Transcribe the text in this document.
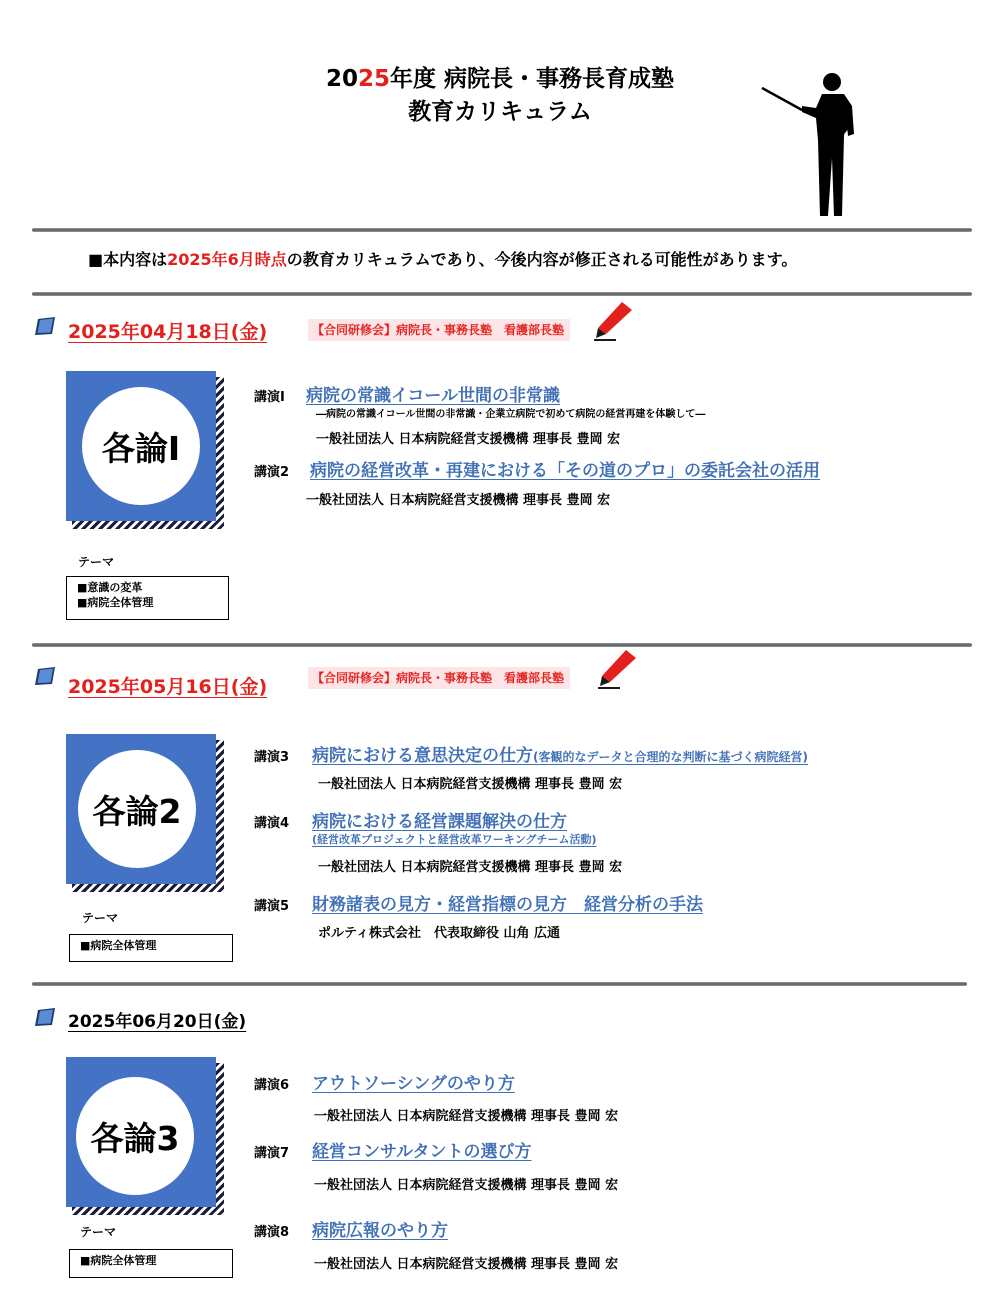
2025年度 病院長・事務長育成塾
教育カリキュラム
■本内容は2025年6月時点の教育カリキュラムであり、今後内容が修正される可能性があります。
2025年04月18日(金)	【合同研修会】病院長・事務長塾　看護部長塾
各論Ⅰ
テーマ
■意識の変革
■病院全体管理
講演Ⅰ 病院の常識イコール世間の非常識
―病院の常識イコール世間の非常識・企業立病院で初めて病院の経営再建を体験して―
一般社団法人 日本病院経営支援機構 理事長 豊岡 宏
講演2 病院の経営改革・再建における「その道のプロ」の委託会社の活用
一般社団法人 日本病院経営支援機構 理事長 豊岡 宏
2025年05月16日(金)	【合同研修会】病院長・事務長塾　看護部長塾
各論2
テーマ
■病院全体管理
講演3 病院における意思決定の仕方(客観的なデータと合理的な判断に基づく病院経営)
一般社団法人 日本病院経営支援機構 理事長 豊岡 宏
講演4 病院における経営課題解決の仕方
(経営改革プロジェクトと経営改革ワーキングチーム活動)
一般社団法人 日本病院経営支援機構 理事長 豊岡 宏
講演5 財務諸表の見方・経営指標の見方　経営分析の手法
ポルティ株式会社　代表取締役 山角 広通
2025年06月20日(金)
各論3
テーマ
■病院全体管理
講演6 アウトソーシングのやり方
一般社団法人 日本病院経営支援機構 理事長 豊岡 宏
講演7 経営コンサルタントの選び方
一般社団法人 日本病院経営支援機構 理事長 豊岡 宏
講演8 病院広報のやり方
一般社団法人 日本病院経営支援機構 理事長 豊岡 宏
